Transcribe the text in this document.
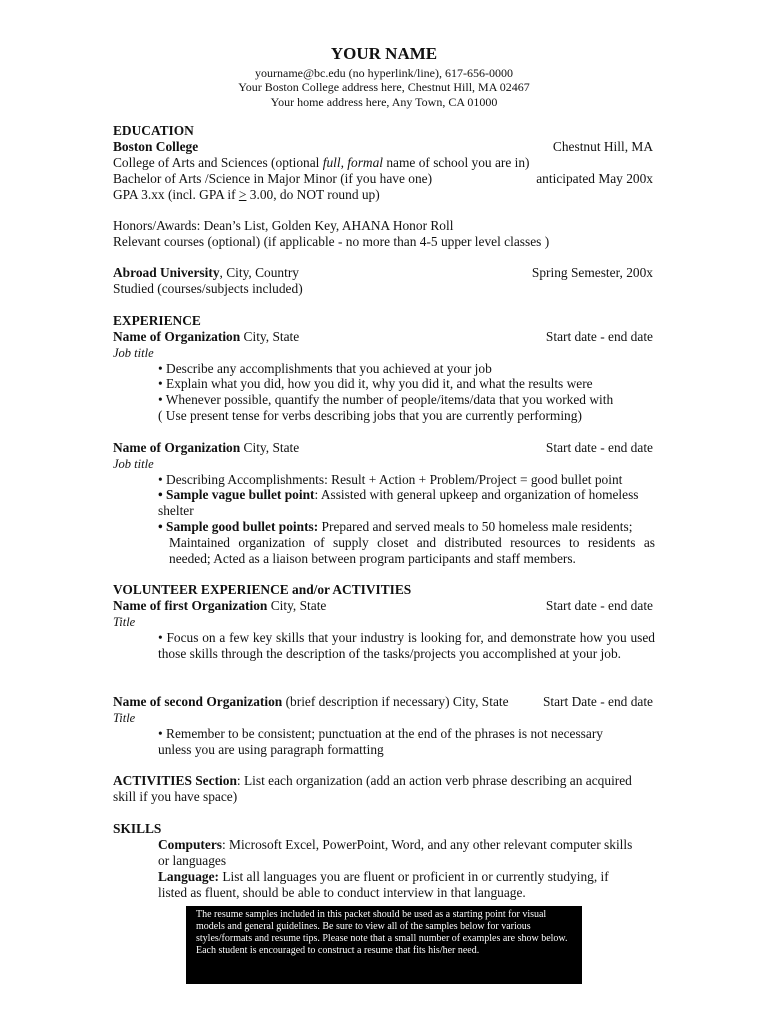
YOUR NAME
yourname@bc.edu (no hyperlink/line), 617-656-0000
Your Boston College address here, Chestnut Hill, MA 02467
Your home address here, Any Town, CA 01000
EDUCATION
Boston College	Chestnut Hill, MA
College of Arts and Sciences (optional full, formal name of school you are in)
Bachelor of Arts /Science in Major Minor (if you have one)	anticipated May 200x
GPA 3.xx (incl. GPA if > 3.00, do NOT round up)
Honors/Awards: Dean’s List, Golden Key, AHANA Honor Roll
Relevant courses (optional) (if applicable - no more than 4-5 upper level classes )
Abroad University, City, Country	Spring Semester, 200x
Studied (courses/subjects included)
EXPERIENCE
Name of Organization City, State	Start date - end date
Job title
• Describe any accomplishments that you achieved at your job
• Explain what you did, how you did it, why you did it, and what the results were
• Whenever possible, quantify the number of people/items/data that you worked with
( Use present tense for verbs describing jobs that you are currently performing)
Name of Organization City, State	Start date - end date
Job title
• Describing Accomplishments: Result + Action + Problem/Project = good bullet point
• Sample vague bullet point: Assisted with general upkeep and organization of homeless
shelter
• Sample good bullet points: Prepared and served meals to 50 homeless male residents;
Maintained organization of supply closet and distributed resources to residents as
needed; Acted as a liaison between program participants and staff members.
VOLUNTEER EXPERIENCE and/or ACTIVITIES
Name of first Organization City, State	Start date - end date
Title
• Focus on a few key skills that your industry is looking for, and demonstrate how you used those skills through the description of the tasks/projects you accomplished at your job.
Name of second Organization (brief description if necessary) City, State	Start Date - end date
Title
• Remember to be consistent; punctuation at the end of the phrases is not necessary
unless you are using paragraph formatting
ACTIVITIES Section: List each organization (add an action verb phrase describing an acquired skill if you have space)
SKILLS
Computers: Microsoft Excel, PowerPoint, Word, and any other relevant computer skills
or languages
Language: List all languages you are fluent or proficient in or currently studying, if
listed as fluent, should be able to conduct interview in that language.
The resume samples included in this packet should be used as a starting point for visual models and general guidelines. Be sure to view all of the samples below for various styles/formats and resume tips. Please note that a small number of examples are show below. Each student is encouraged to construct a resume that fits his/her need.
